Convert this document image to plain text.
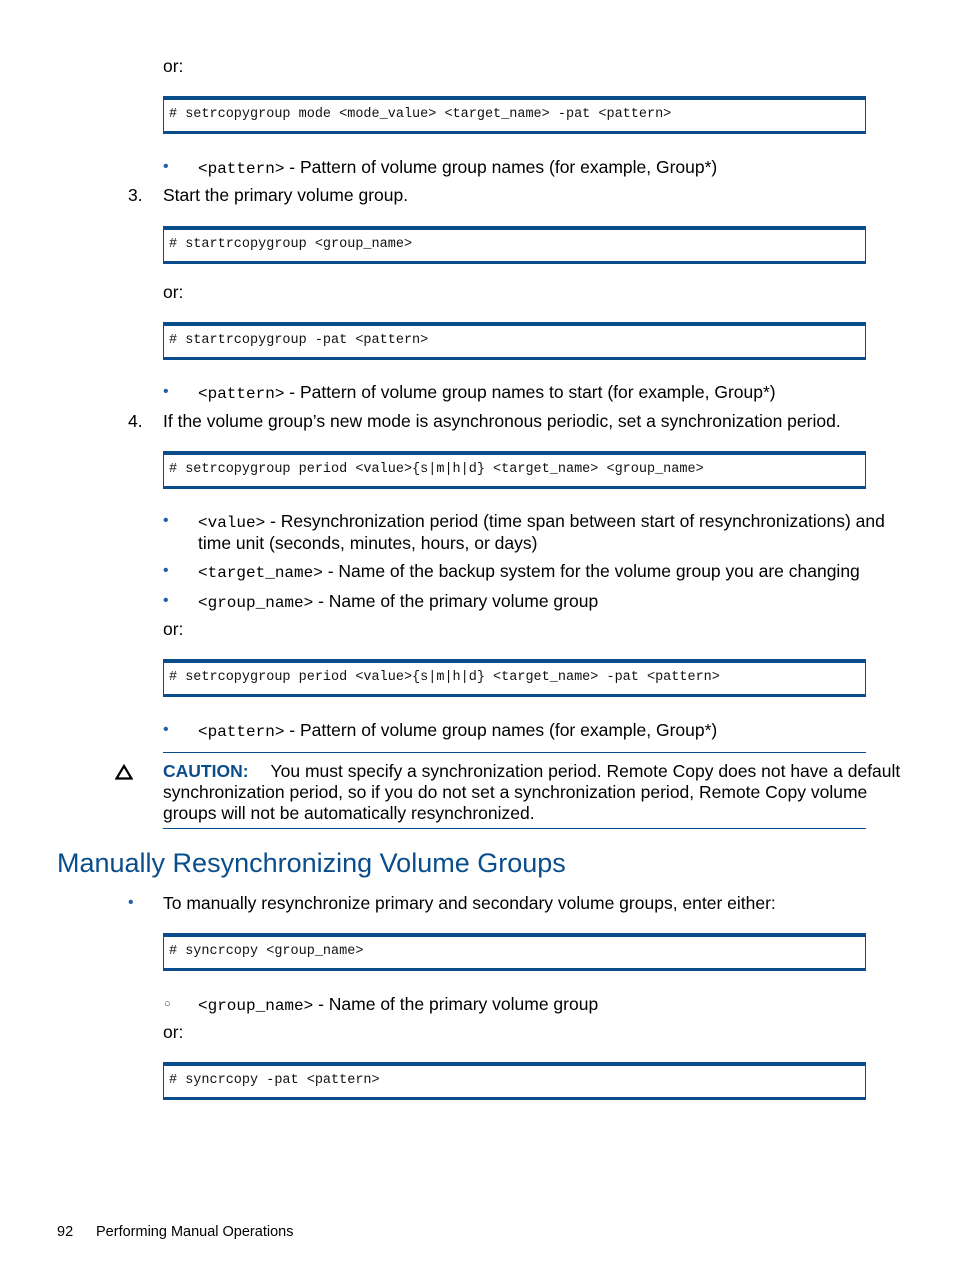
or:
# setrcopygroup mode <mode_value> <target_name> -pat <pattern>
• <pattern> - Pattern of volume group names (for example, Group*)
3. Start the primary volume group.
# startrcopygroup <group_name>
or:
# startrcopygroup -pat <pattern>
• <pattern> - Pattern of volume group names to start (for example, Group*)
4. If the volume group’s new mode is asynchronous periodic, set a synchronization period.
# setrcopygroup period <value>{s|m|h|d} <target_name> <group_name>
• <value> - Resynchronization period (time span between start of resynchronizations) and
time unit (seconds, minutes, hours, or days)
• <target_name> - Name of the backup system for the volume group you are changing
• <group_name> - Name of the primary volume group
or:
# setrcopygroup period <value>{s|m|h|d} <target_name> -pat <pattern>
• <pattern> - Pattern of volume group names (for example, Group*)
CAUTION: You must specify a synchronization period. Remote Copy does not have a default
synchronization period, so if you do not set a synchronization period, Remote Copy volume
groups will not be automatically resynchronized.
Manually Resynchronizing Volume Groups
• To manually resynchronize primary and secondary volume groups, enter either:
# syncrcopy <group_name>
○ <group_name> - Name of the primary volume group
or:
# syncrcopy -pat <pattern>
92 Performing Manual Operations
